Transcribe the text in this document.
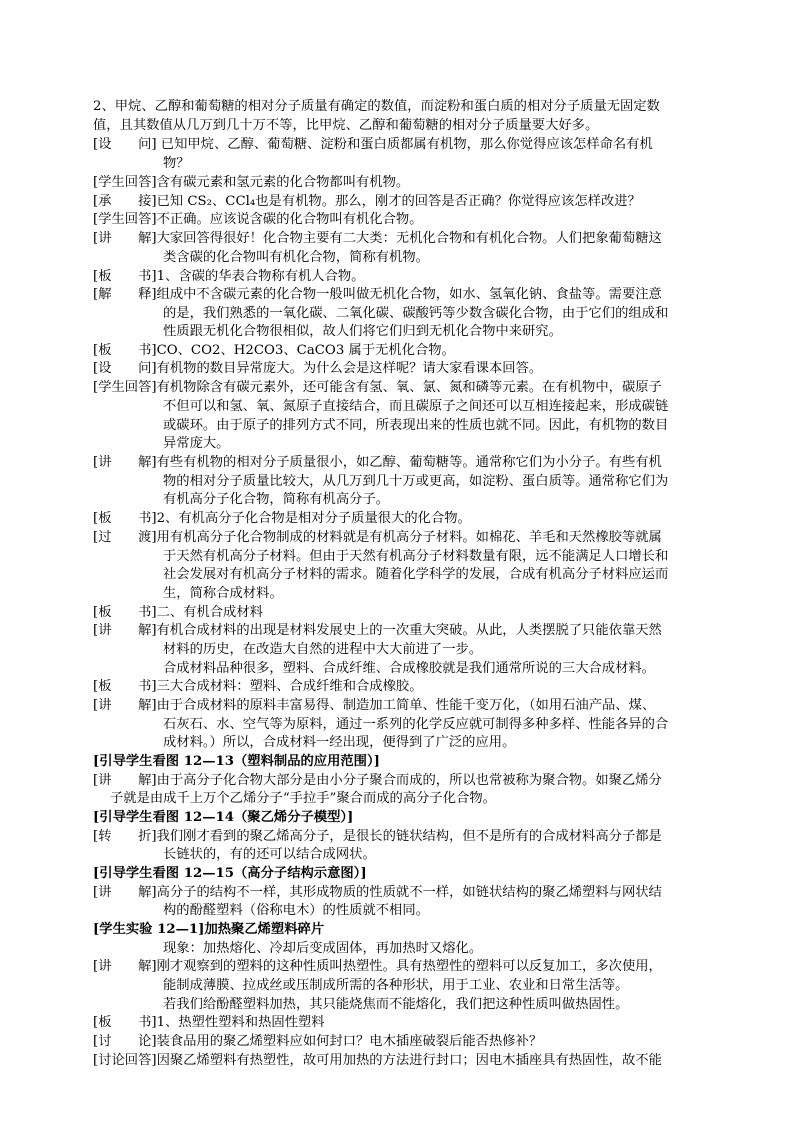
2、甲烷、乙醇和葡萄糖的相对分子质量有确定的数值，而淀粉和蛋白质的相对分子质量无固定数
值，且其数值从几万到几十万不等，比甲烷、乙醇和葡萄糖的相对分子质量要大好多。
[设　　问] 已知甲烷、乙醇、葡萄糖、淀粉和蛋白质都属有机物，那么你觉得应该怎样命名有机
物？
[学生回答]含有碳元素和氢元素的化合物都叫有机物。
[承　　接]已知 CS₂、CCl₄也是有机物。那么，刚才的回答是否正确？你觉得应该怎样改进？
[学生回答]不正确。应该说含碳的化合物叫有机化合物。
[讲　　解]大家回答得很好！化合物主要有二大类：无机化合物和有机化合物。人们把象葡萄糖这
类含碳的化合物叫有机化合物，简称有机物。
[板　　书]1、含碳的华表合物称有机人合物。
[解　　释]组成中不含碳元素的化合物一般叫做无机化合物，如水、氢氧化钠、食盐等。需要注意
的是，我们熟悉的一氧化碳、二氧化碳、碳酸钙等少数含碳化合物，由于它们的组成和
性质跟无机化合物很相似，故人们将它们归到无机化合物中来研究。
[板　　书]CO、CO2、H2CO3、CaCO3 属于无机化合物。
[设　　问]有机物的数目异常庞大。为什么会是这样呢？请大家看课本回答。
[学生回答]有机物除含有碳元素外，还可能含有氢、氧、氯、氮和磷等元素。在有机物中，碳原子
不但可以和氢、氧、氮原子直接结合，而且碳原子之间还可以互相连接起来，形成碳链
或碳环。由于原子的排列方式不同，所表现出来的性质也就不同。因此，有机物的数目
异常庞大。
[讲　　解]有些有机物的相对分子质量很小，如乙醇、葡萄糖等。通常称它们为小分子。有些有机
物的相对分子质量比较大，从几万到几十万或更高，如淀粉、蛋白质等。通常称它们为
有机高分子化合物，简称有机高分子。
[板　　书]2、有机高分子化合物是相对分子质量很大的化合物。
[过　　渡]用有机高分子化合物制成的材料就是有机高分子材料。如棉花、羊毛和天然橡胶等就属
于天然有机高分子材料。但由于天然有机高分子材料数量有限，远不能满足人口增长和
社会发展对有机高分子材料的需求。随着化学科学的发展，合成有机高分子材料应运而
生，简称合成材料。
[板　　书]二、有机合成材料
[讲　　解]有机合成材料的出现是材料发展史上的一次重大突破。从此，人类摆脱了只能依靠天然
材料的历史，在改造大自然的进程中大大前进了一步。
合成材料品种很多，塑料、合成纤维、合成橡胶就是我们通常所说的三大合成材料。
[板　　书]三大合成材料：塑料、合成纤维和合成橡胶。
[讲　　解]由于合成材料的原料丰富易得、制造加工简单、性能千变万化，（如用石油产品、煤、
石灰石、水、空气等为原料，通过一系列的化学反应就可制得多种多样、性能各异的合
成材料。）所以，合成材料一经出现，便得到了广泛的应用。
[引导学生看图 12—13（塑料制品的应用范围）]
[讲　　解]由于高分子化合物大部分是由小分子聚合而成的，所以也常被称为聚合物。如聚乙烯分
子就是由成千上万个乙烯分子“手拉手”聚合而成的高分子化合物。
[引导学生看图 12—14（聚乙烯分子模型）]
[转　　折]我们刚才看到的聚乙烯高分子，是很长的链状结构，但不是所有的合成材料高分子都是
长链状的，有的还可以结合成网状。
[引导学生看图 12—15（高分子结构示意图）]
[讲　　解]高分子的结构不一样，其形成物质的性质就不一样，如链状结构的聚乙烯塑料与网状结
构的酚醛塑料（俗称电木）的性质就不相同。
[学生实验 12—1]加热聚乙烯塑料碎片
现象：加热熔化、冷却后变成固体，再加热时又熔化。
[讲　　解]刚才观察到的塑料的这种性质叫热塑性。具有热塑性的塑料可以反复加工，多次使用，
能制成薄膜、拉成丝或压制成所需的各种形状，用于工业、农业和日常生活等。
若我们给酚醛塑料加热，其只能烧焦而不能熔化，我们把这种性质叫做热固性。
[板　　书]1、热塑性塑料和热固性塑料
[讨　　论]装食品用的聚乙烯塑料应如何封口？电木插座破裂后能否热修补？
[讨论回答]因聚乙烯塑料有热塑性，故可用加热的方法进行封口；因电木插座具有热固性，故不能
